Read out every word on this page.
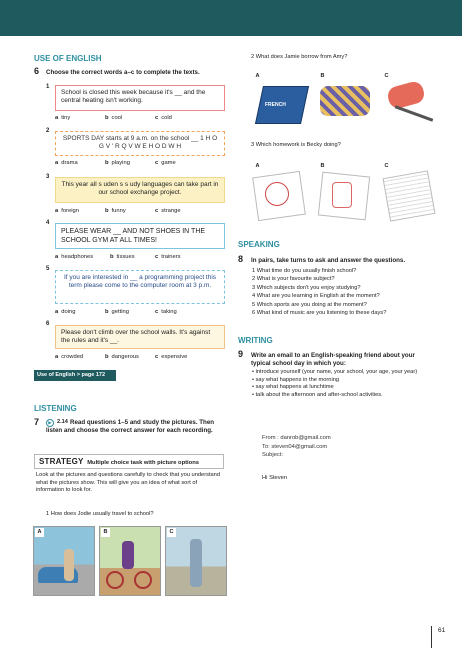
USE OF ENGLISH
6 Choose the correct words a–c to complete the texts.
1
School is closed this week because it's __ and the central heating isn't working.
a tiny	b cool	c cold
2
SPORTS DAY starts at 9 a.m. on the school __ 1 H O G V ' R Q V W E H O D W H
a drama	b playing	c game
3
This year all s uden s s udy languages can take part in our school exchange project.
a foreign	b funny	c strange
4
PLEASE WEAR __ AND NOT SHOES IN THE SCHOOL GYM AT ALL TIMES!
a headphones	b tissues	c trainers
5
If you are interested in __ a programming project this term please come to the computer room at 3 p.m.
a doing	b getting	c taking
6
Please don't climb over the school walls. It's against the rules and it's __.
a crowded	b dangerous	c expensive
Use of English > page 172
LISTENING
7	▶ 2.14 Read questions 1–5 and study the pictures. Then listen and choose the correct answer for each recording.
STRATEGY Multiple choice task with picture options
Look at the pictures and questions carefully to check that you understand what the pictures show. This will give you an idea of what sort of information to look for.
1 How does Jodie usually travel to school?
A	B	C
2 What does Jamie borrow from Amy?
A
FRENCH
B	C
3 Which homework is Becky doing?
A	B	C
SPEAKING
8 In pairs, take turns to ask and answer the questions.
1 What time do you usually finish school?
2 What is your favourite subject?
3 Which subjects don't you enjoy studying?
4 What are you learning in English at the moment?
5 Which sports are you doing at the moment?
6 What kind of music are you listening to these days?
WRITING
9 Write an email to an English-speaking friend about your typical school day in which you:
• introduce yourself (your name, your school, your age, your year)
• say what happens in the morning
• say what happens at lunchtime
• talk about the afternoon and after-school activities.
From : danrob@gmail.com
To: steven04@gmail.com
Subject:
Hi Steven
61
